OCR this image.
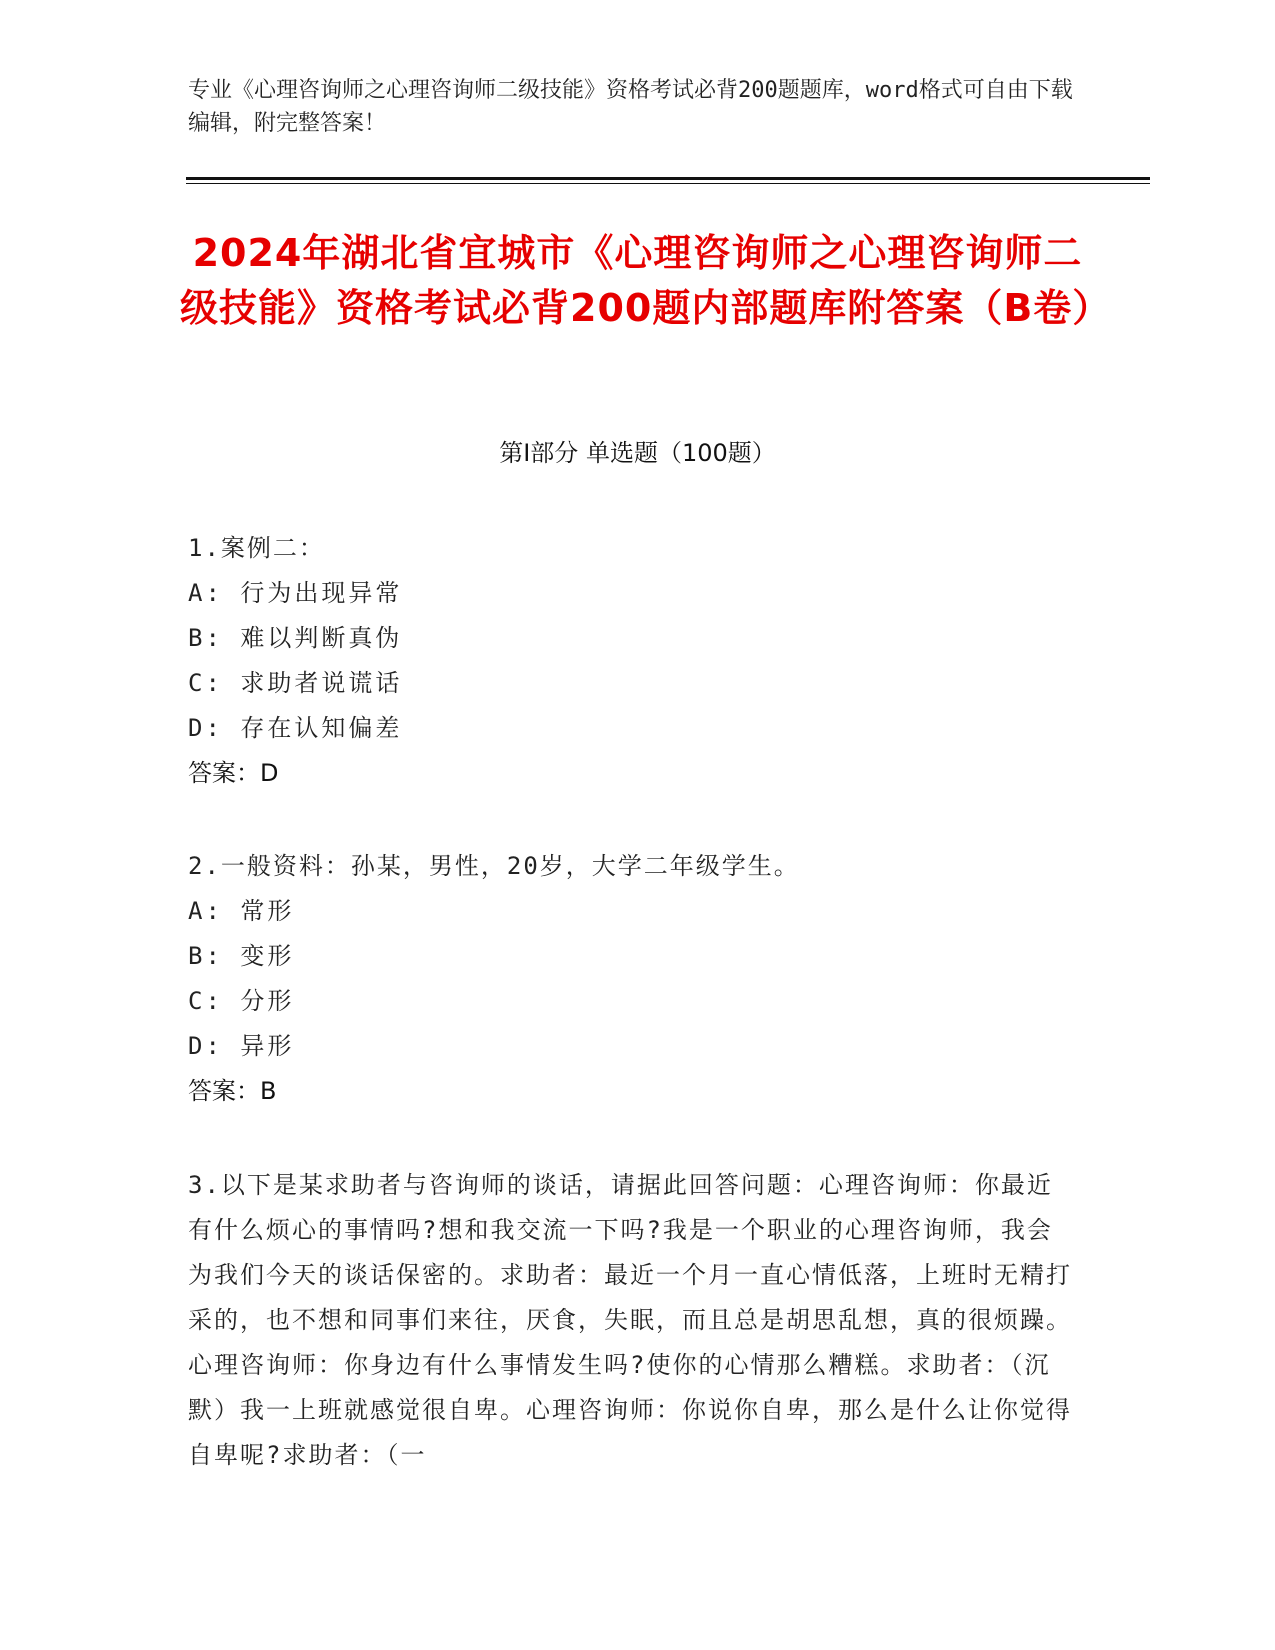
专业《心理咨询师之心理咨询师二级技能》资格考试必背200题题库，word格式可自由下载编辑，附完整答案！
2024年湖北省宜城市《心理咨询师之心理咨询师二级技能》资格考试必背200题内部题库附答案（B卷）
第I部分 单选题（100题）
1.案例二：
A: 行为出现异常
B: 难以判断真伪
C: 求助者说谎话
D: 存在认知偏差
答案：D
2.一般资料：孙某，男性，20岁，大学二年级学生。
A: 常形
B: 变形
C: 分形
D: 异形
答案：B
3.以下是某求助者与咨询师的谈话，请据此回答问题：心理咨询师：你最近有什么烦心的事情吗?想和我交流一下吗?我是一个职业的心理咨询师，我会为我们今天的谈话保密的。求助者：最近一个月一直心情低落，上班时无精打采的，也不想和同事们来往，厌食，失眠，而且总是胡思乱想，真的很烦躁。心理咨询师：你身边有什么事情发生吗?使你的心情那么糟糕。求助者：（沉默）我一上班就感觉很自卑。心理咨询师：你说你自卑，那么是什么让你觉得自卑呢?求助者：（一
